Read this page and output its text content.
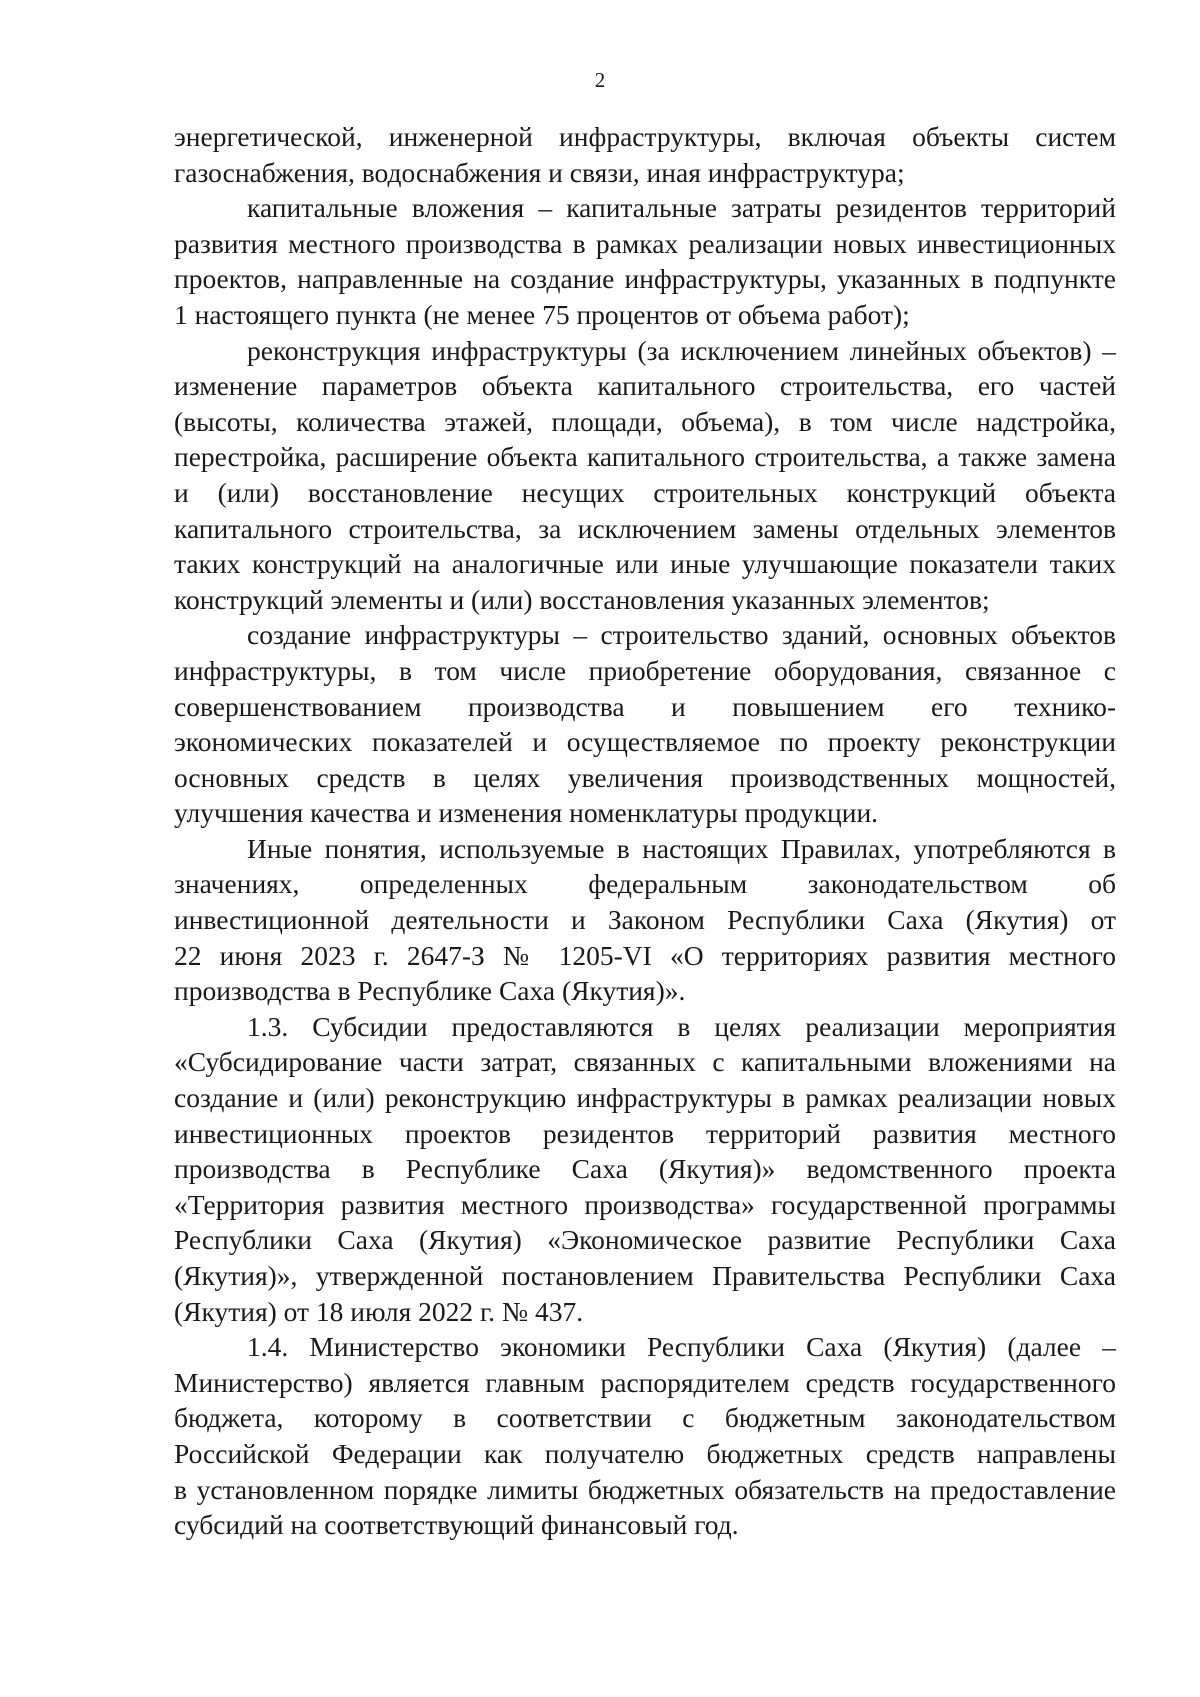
2
энергетической, инженерной инфраструктуры, включая объекты систем
газоснабжения, водоснабжения и связи, иная инфраструктура;
капитальные вложения – капитальные затраты резидентов территорий
развития местного производства в рамках реализации новых инвестиционных
проектов, направленные на создание инфраструктуры, указанных в подпункте
1 настоящего пункта (не менее 75 процентов от объема работ);
реконструкция инфраструктуры (за исключением линейных объектов) –
изменение параметров объекта капитального строительства, его частей
(высоты, количества этажей, площади, объема), в том числе надстройка,
перестройка, расширение объекта капитального строительства, а также замена
и (или) восстановление несущих строительных конструкций объекта
капитального строительства, за исключением замены отдельных элементов
таких конструкций на аналогичные или иные улучшающие показатели таких
конструкций элементы и (или) восстановления указанных элементов;
создание инфраструктуры – строительство зданий, основных объектов
инфраструктуры, в том числе приобретение оборудования, связанное с
совершенствованием производства и повышением его технико-
экономических показателей и осуществляемое по проекту реконструкции
основных средств в целях увеличения производственных мощностей,
улучшения качества и изменения номенклатуры продукции.
Иные понятия, используемые в настоящих Правилах, употребляются в
значениях, определенных федеральным законодательством об
инвестиционной деятельности и Законом Республики Саха (Якутия) от
22 июня 2023 г. 2647-З № 1205-VI «О территориях развития местного
производства в Республике Саха (Якутия)».
1.3. Субсидии предоставляются в целях реализации мероприятия
«Субсидирование части затрат, связанных с капитальными вложениями на
создание и (или) реконструкцию инфраструктуры в рамках реализации новых
инвестиционных проектов резидентов территорий развития местного
производства в Республике Саха (Якутия)» ведомственного проекта
«Территория развития местного производства» государственной программы
Республики Саха (Якутия) «Экономическое развитие Республики Саха
(Якутия)», утвержденной постановлением Правительства Республики Саха
(Якутия) от 18 июля 2022 г. № 437.
1.4. Министерство экономики Республики Саха (Якутия) (далее –
Министерство) является главным распорядителем средств государственного
бюджета, которому в соответствии с бюджетным законодательством
Российской Федерации как получателю бюджетных средств направлены
в установленном порядке лимиты бюджетных обязательств на предоставление
субсидий на соответствующий финансовый год.
